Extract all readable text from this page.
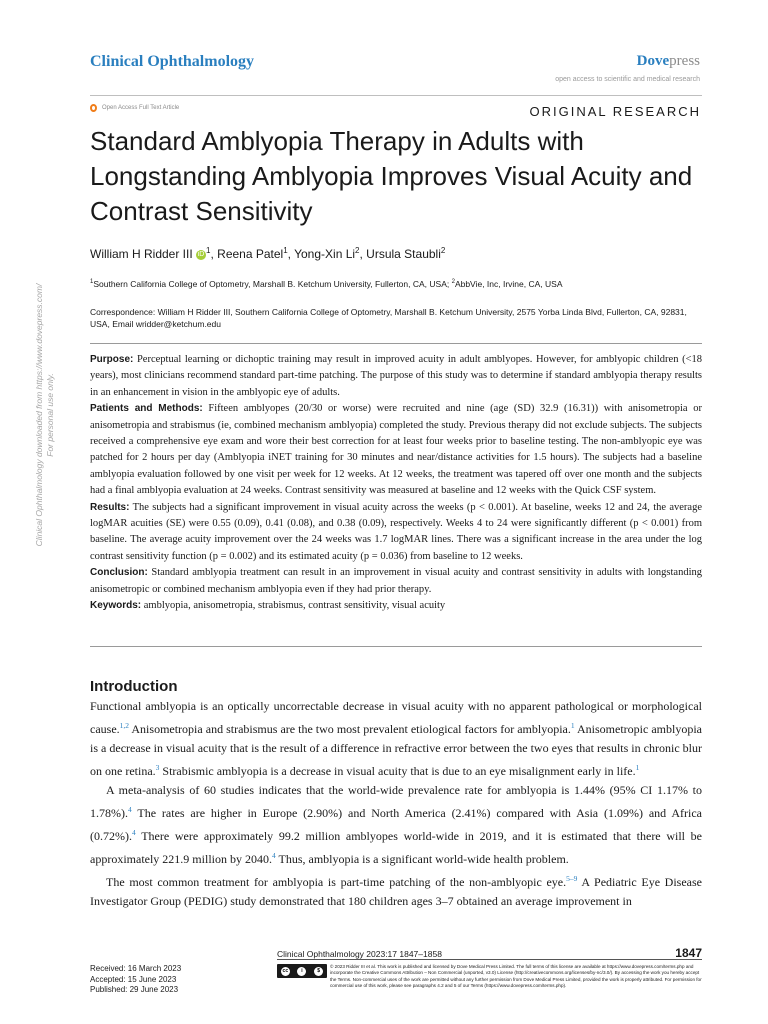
Clinical Ophthalmology	Dovepress
open access to scientific and medical research
Open Access Full Text Article	ORIGINAL RESEARCH
Standard Amblyopia Therapy in Adults with Longstanding Amblyopia Improves Visual Acuity and Contrast Sensitivity
William H Ridder III iD $^1$, Reena Patel$^1$, Yong-Xin Li$^2$, Ursula Staubli$^2$
$^1$Southern California College of Optometry, Marshall B. Ketchum University, Fullerton, CA, USA; $^2$AbbVie, Inc, Irvine, CA, USA
Correspondence: William H Ridder III, Southern California College of Optometry, Marshall B. Ketchum University, 2575 Yorba Linda Blvd, Fullerton, CA, 92831, USA, Email wridder@ketchum.edu

Purpose: Perceptual learning or dichoptic training may result in improved acuity in adult amblyopes. However, for amblyopic children (<18 years), most clinicians recommend standard part-time patching. The purpose of this study was to determine if standard amblyopia therapy results in an enhancement in vision in the amblyopic eye of adults.

Patients and Methods: Fifteen amblyopes (20/30 or worse) were recruited and nine (age (SD) 32.9 (16.31)) with anisometropia or anisometropia and strabismus (ie, combined mechanism amblyopia) completed the study. Previous therapy did not exclude subjects. The subjects received a comprehensive eye exam and wore their best correction for at least four weeks prior to baseline testing. The non-amblyopic eye was patched for 2 hours per day (Amblyopia iNET training for 30 minutes and near/distance activities for 1.5 hours). The subjects had a baseline amblyopia evaluation followed by one visit per week for 12 weeks. At 12 weeks, the treatment was tapered off over one month and the subjects had a final amblyopia evaluation at 24 weeks. Contrast sensitivity was measured at baseline and 12 weeks with the Quick CSF system.

Results: The subjects had a significant improvement in visual acuity across the weeks (p < 0.001). At baseline, weeks 12 and 24, the average logMAR acuities (SE) were 0.55 (0.09), 0.41 (0.08), and 0.38 (0.09), respectively. Weeks 4 to 24 were significantly different (p < 0.001) from baseline. The average acuity improvement over the 24 weeks was 1.7 logMAR lines. There was a significant increase in the area under the log contrast sensitivity function (p = 0.002) and its estimated acuity (p = 0.036) from baseline to 12 weeks.

Conclusion: Standard amblyopia treatment can result in an improvement in visual acuity and contrast sensitivity in adults with longstanding anisometropic or combined mechanism amblyopia even if they had prior therapy.

Keywords: amblyopia, anisometropia, strabismus, contrast sensitivity, visual acuity

Introduction

Functional amblyopia is an optically uncorrectable decrease in visual acuity with no apparent pathological or morphological cause.$^{1,2}$ Anisometropia and strabismus are the two most prevalent etiological factors for amblyopia.$^1$ Anisometropic amblyopia is a decrease in visual acuity that is the result of a difference in refractive error between the two eyes that results in chronic blur on one retina.$^3$ Strabismic amblyopia is a decrease in visual acuity that is due to an eye misalignment early in life.$^1$

A meta-analysis of 60 studies indicates that the world-wide prevalence rate for amblyopia is 1.44% (95% CI 1.17% to 1.78%).$^4$ The rates are higher in Europe (2.90%) and North America (2.41%) compared with Asia (1.09%) and Africa (0.72%).$^4$ There were approximately 99.2 million amblyopes world-wide in 2019, and it is estimated that there will be approximately 221.9 million by 2040.$^4$ Thus, amblyopia is a significant world-wide health problem.

The most common treatment for amblyopia is part-time patching of the non-amblyopic eye.$^{5-9}$ A Pediatric Eye Disease Investigator Group (PEDIG) study demonstrated that 180 children ages 3–7 obtained an average improvement in

Clinical Ophthalmology downloaded from https://www.dovepress.com/ For personal use only.
Clinical Ophthalmology 2023:17 1847–1858	1847
Received: 16 March 2023
Accepted: 15 June 2023
Published: 29 June 2023
cc	i	$
© 2023 Ridder III et al. This work is published and licensed by Dove Medical Press Limited. The full terms of this license are available at https://www.dovepress.com/terms.php and incorporate the Creative Commons Attribution – Non Commercial (unported, v3.0) License (http://creativecommons.org/licenses/by-nc/3.0/). By accessing the work you hereby accept the Terms. Non-commercial uses of the work are permitted without any further permission from Dove Medical Press Limited, provided the work is properly attributed. For permission for commercial use of this work, please see paragraphs 4.2 and 5 of our Terms (https://www.dovepress.com/terms.php).
